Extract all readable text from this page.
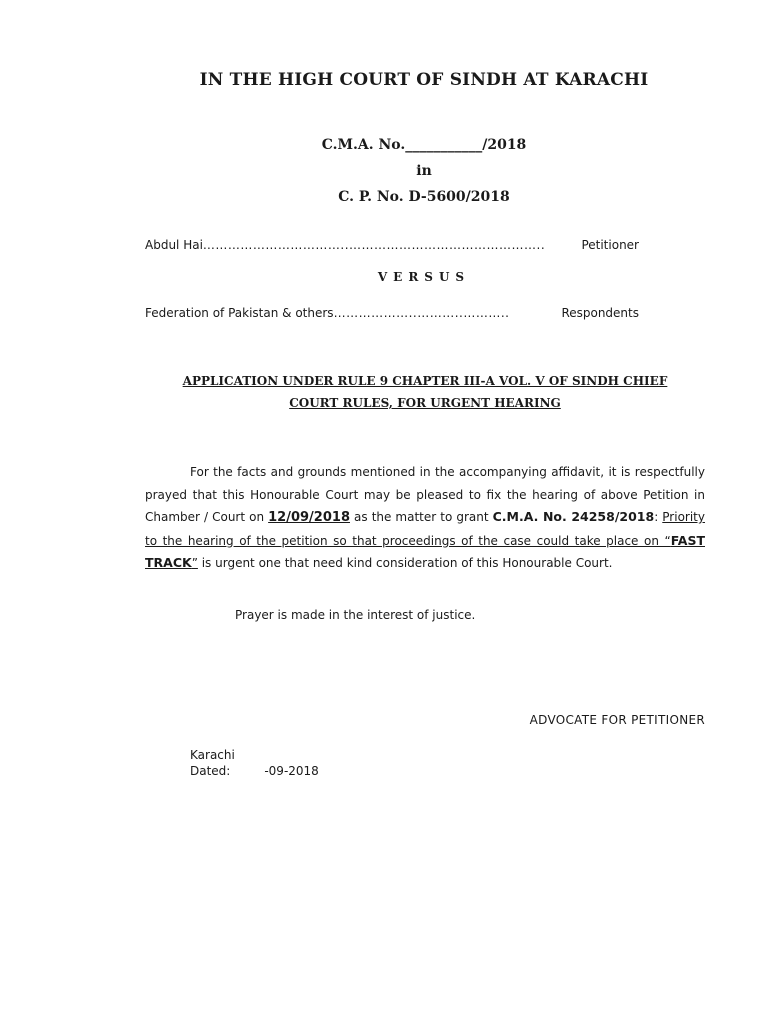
IN THE HIGH COURT OF SINDH AT KARACHI
C.M.A. No.___________/2018
in
C. P. No. D-5600/2018
Abdul Hai ……………………………..………………………………………..	Petitioner
VERSUS
Federation of Pakistan & others ………………..………..………..	Respondents
APPLICATION UNDER RULE 9 CHAPTER III-A VOL. V OF SINDH CHIEF
COURT RULES, FOR URGENT HEARING

For the facts and grounds mentioned in the accompanying affidavit, it is respectfully prayed that this Honourable Court may be pleased to fix the hearing of above Petition in Chamber / Court on 12/09/2018 as the matter to grant C.M.A. No. 24258/2018: Priority to the hearing of the petition so that proceedings of the case could take place on “FAST TRACK” is urgent one that need kind consideration of this Honourable Court.

Prayer is made in the interest of justice.

ADVOCATE FOR PETITIONER
Karachi
Dated:	-09-2018
